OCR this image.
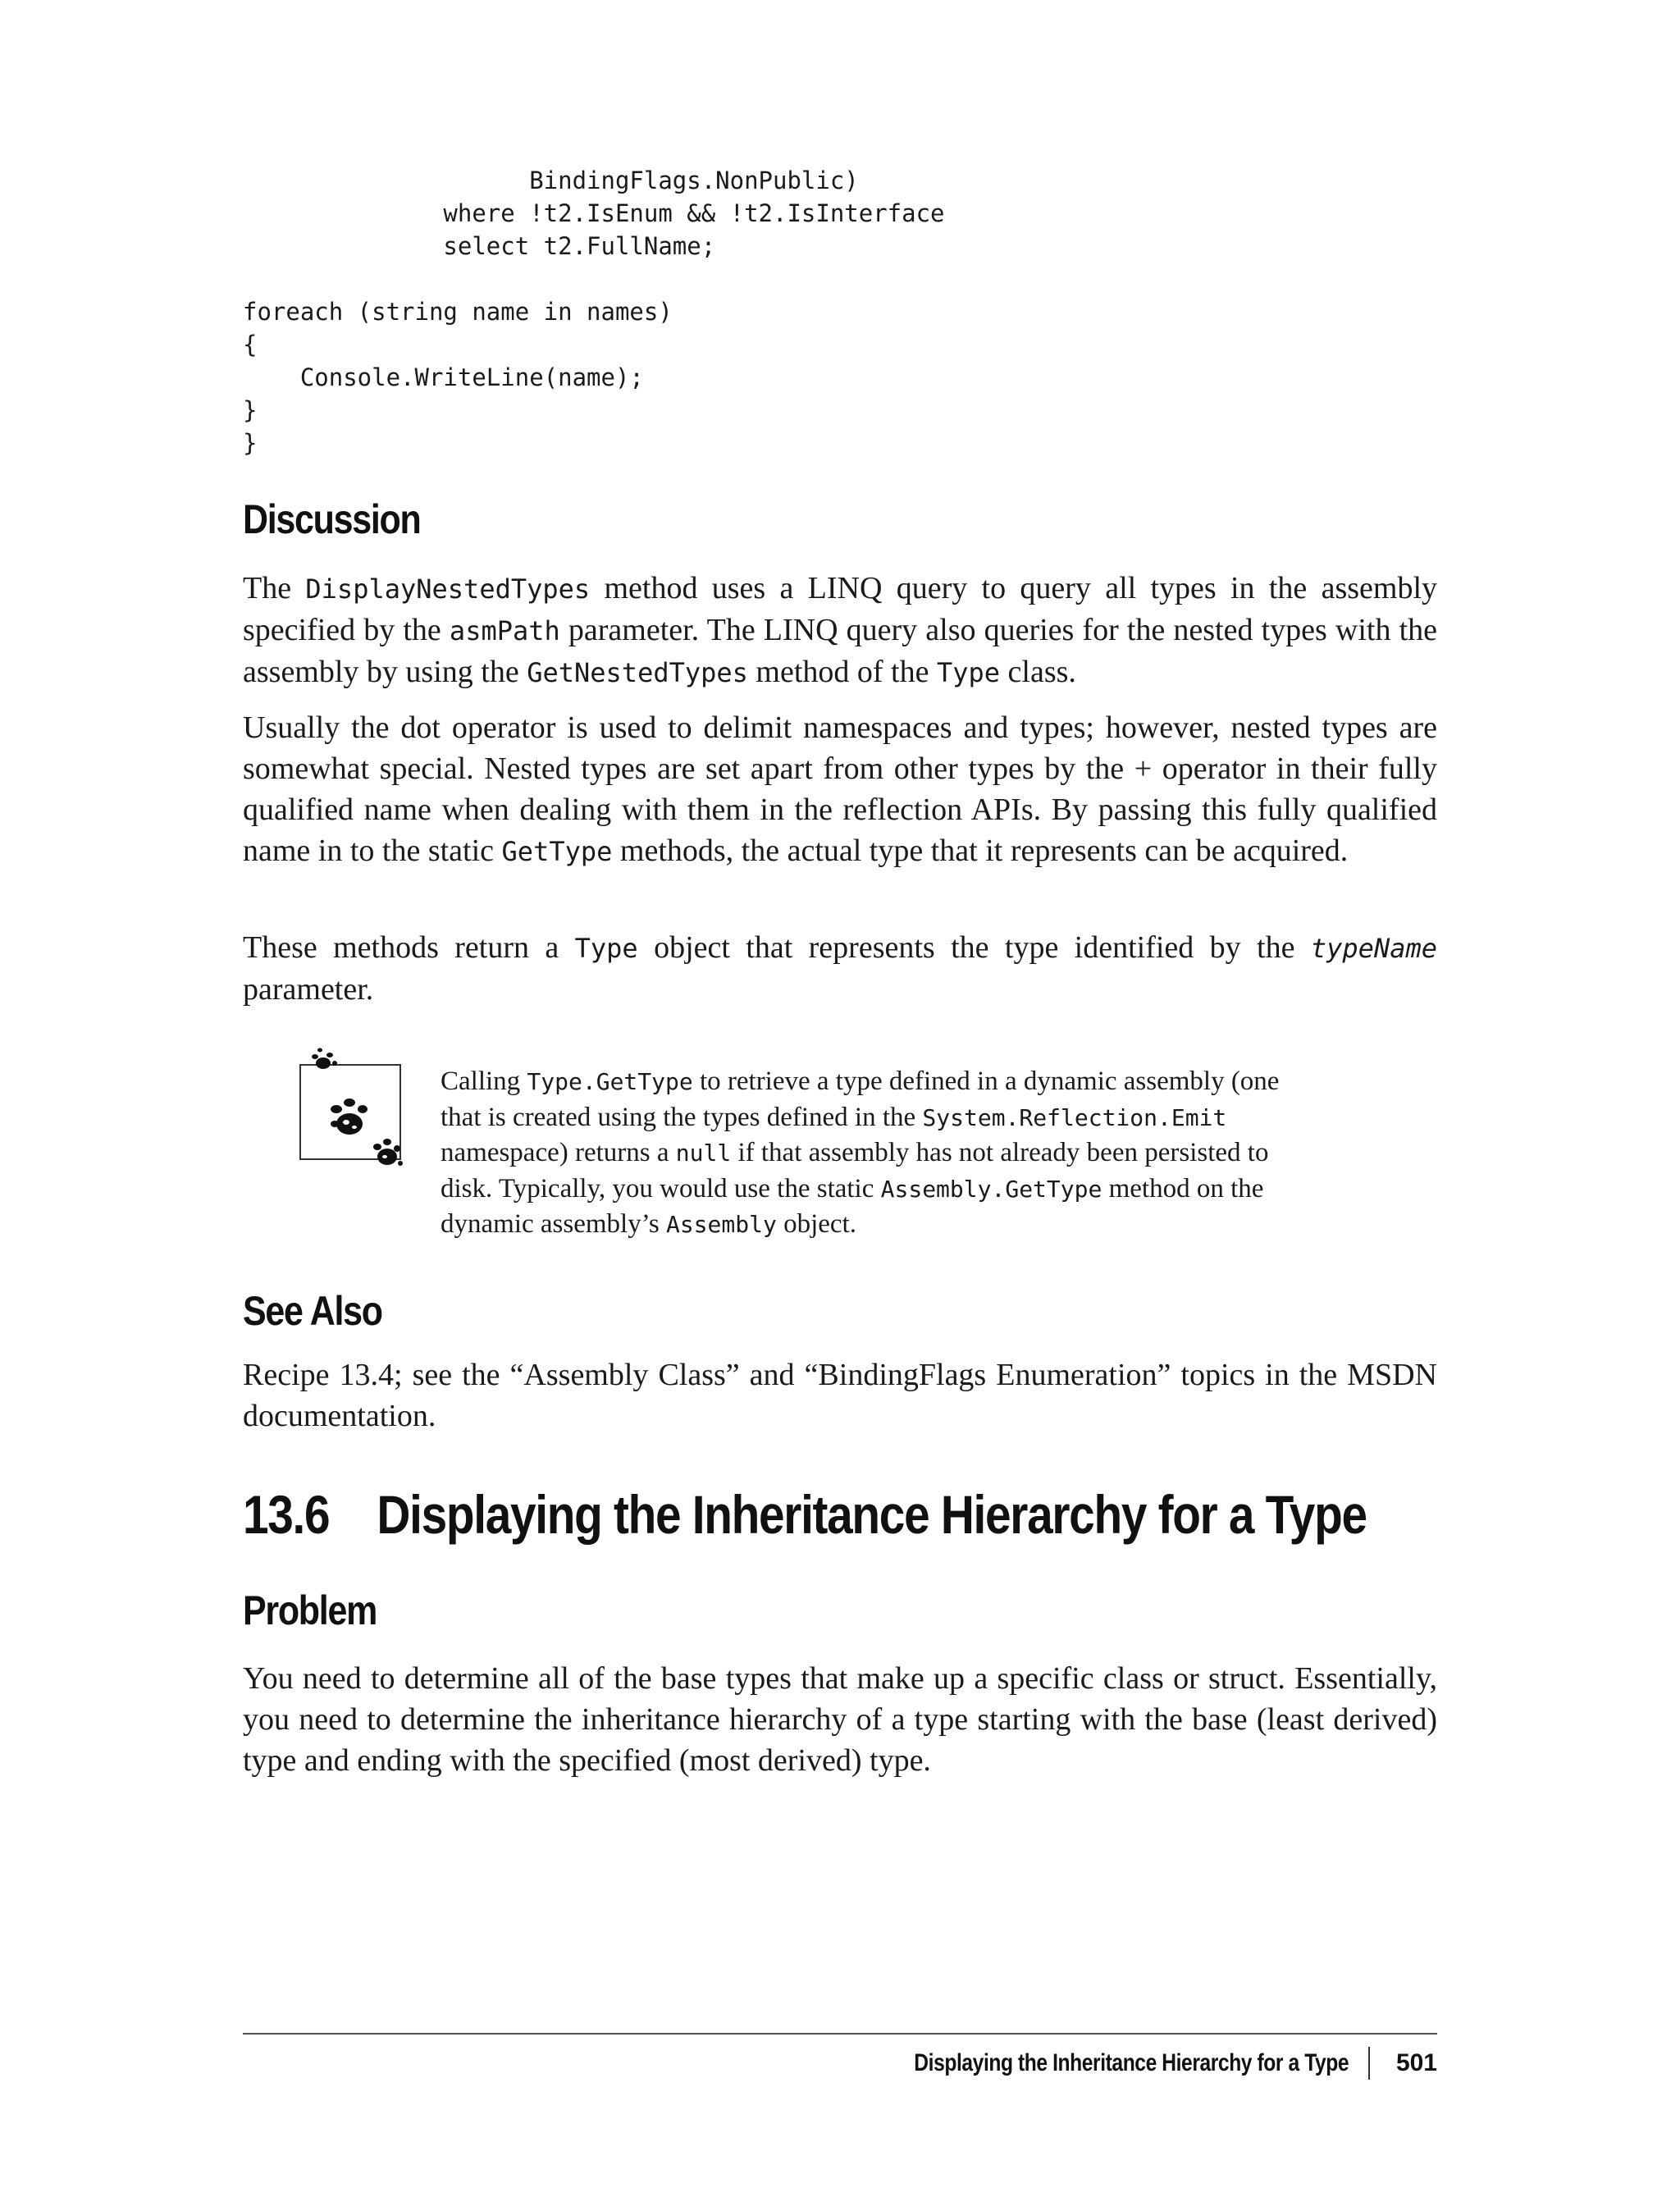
BindingFlags.NonPublic)
where !t2.IsEnum && !t2.IsInterface
select t2.FullName;

foreach (string name in names)
{
Console.WriteLine(name);
}
}
Discussion

The DisplayNestedTypes method uses a LINQ query to query all types in the assembly specified by the asmPath parameter. The LINQ query also queries for the nested types with the assembly by using the GetNestedTypes method of the Type class.

Usually the dot operator is used to delimit namespaces and types; however, nested types are somewhat special. Nested types are set apart from other types by the + operator in their fully qualified name when dealing with them in the reflection APIs. By passing this fully qualified name in to the static GetType methods, the actual type that it represents can be acquired.

These methods return a Type object that represents the type identified by the typeName parameter.

Calling Type.GetType to retrieve a type defined in a dynamic assembly (one that is created using the types defined in the System.Reflection.Emit namespace) returns a null if that assembly has not already been persisted to disk. Typically, you would use the static Assembly.GetType method on the dynamic assembly’s Assembly object.

See Also

Recipe 13.4; see the “Assembly Class” and “BindingFlags Enumeration” topics in the MSDN documentation.

13.6 Displaying the Inheritance Hierarchy for a Type
Problem

You need to determine all of the base types that make up a specific class or struct. Essentially, you need to determine the inheritance hierarchy of a type starting with the base (least derived) type and ending with the specified (most derived) type.

Displaying the Inheritance Hierarchy for a Type 501
